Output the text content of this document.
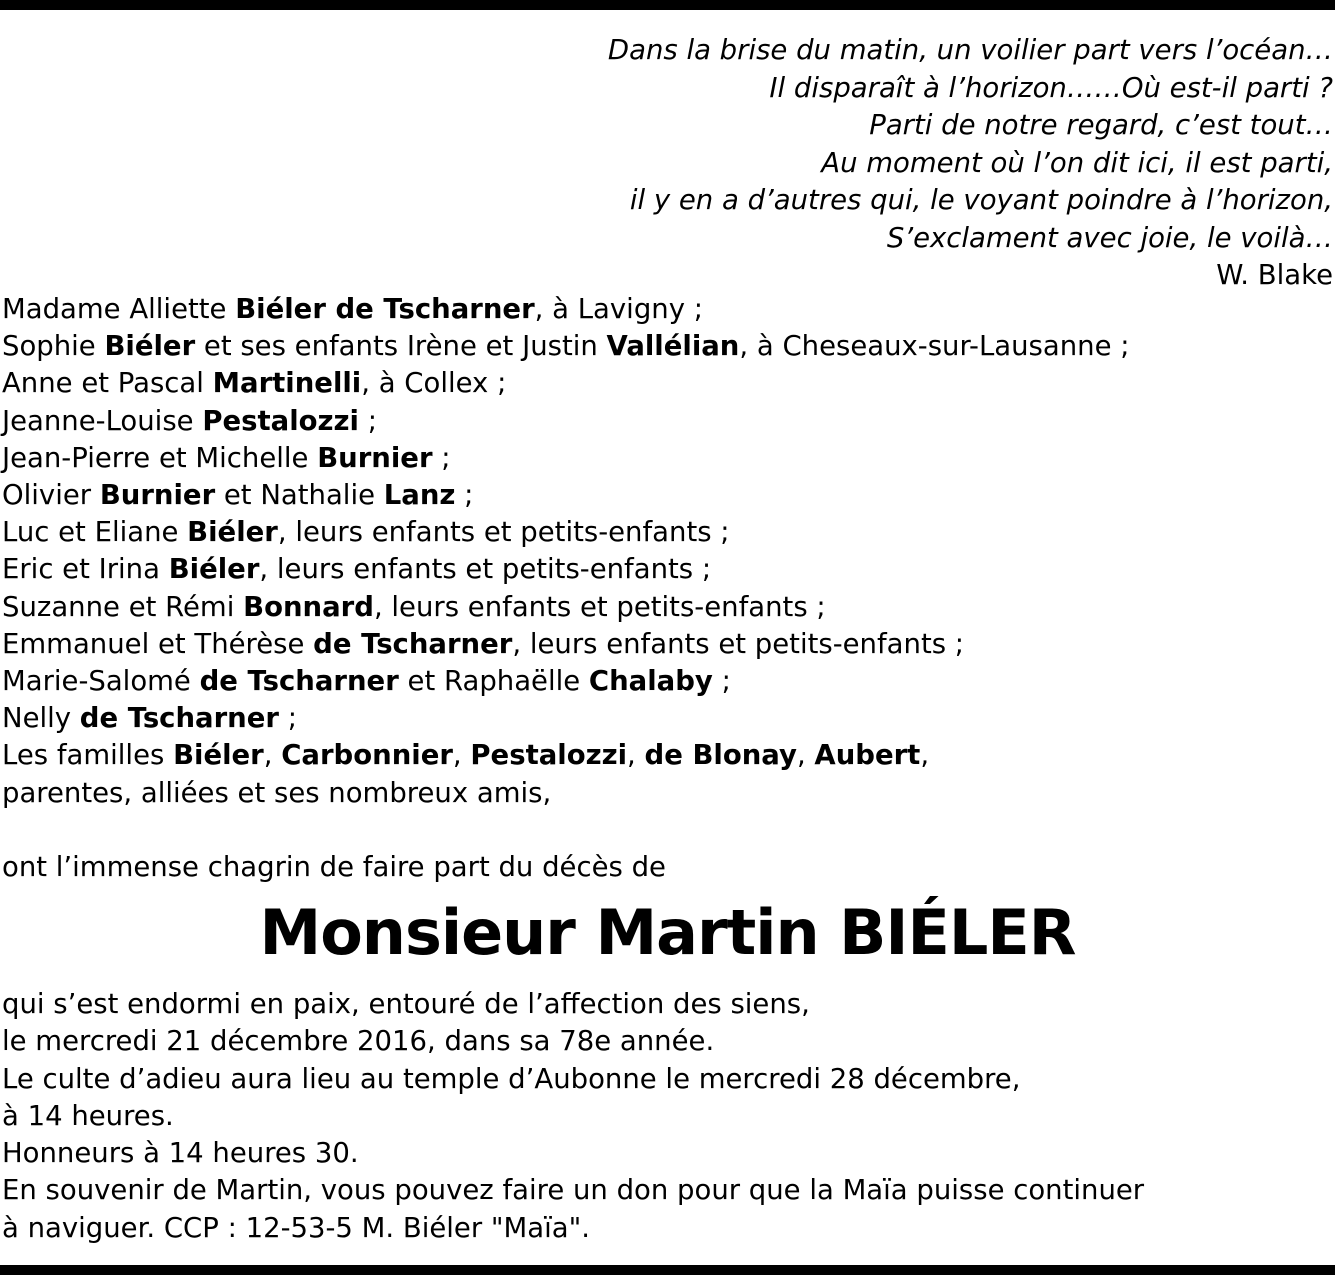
Dans la brise du matin, un voilier part vers l’océan…
Il disparaît à l’horizon……Où est-il parti ?
Parti de notre regard, c’est tout…
Au moment où l’on dit ici, il est parti,
il y en a d’autres qui, le voyant poindre à l’horizon,
S’exclament avec joie, le voilà…
W. Blake
Madame Alliette Biéler de Tscharner, à Lavigny ;
Sophie Biéler et ses enfants Irène et Justin Vallélian, à Cheseaux-sur-Lausanne ;
Anne et Pascal Martinelli, à Collex ;
Jeanne-Louise Pestalozzi ;
Jean-Pierre et Michelle Burnier ;
Olivier Burnier et Nathalie Lanz ;
Luc et Eliane Biéler, leurs enfants et petits-enfants ;
Eric et Irina Biéler, leurs enfants et petits-enfants ;
Suzanne et Rémi Bonnard, leurs enfants et petits-enfants ;
Emmanuel et Thérèse de Tscharner, leurs enfants et petits-enfants ;
Marie-Salomé de Tscharner et Raphaëlle Chalaby ;
Nelly de Tscharner ;
Les familles Biéler, Carbonnier, Pestalozzi, de Blonay, Aubert,
parentes, alliées et ses nombreux amis,
ont l’immense chagrin de faire part du décès de
Monsieur Martin BIÉLER
qui s’est endormi en paix, entouré de l’affection des siens,
le mercredi 21 décembre 2016, dans sa 78e année.
Le culte d’adieu aura lieu au temple d’Aubonne le mercredi 28 décembre,
à 14 heures.
Honneurs à 14 heures 30.
En souvenir de Martin, vous pouvez faire un don pour que la Maïa puisse continuer
à naviguer. CCP : 12-53-5 M. Biéler "Maïa".
